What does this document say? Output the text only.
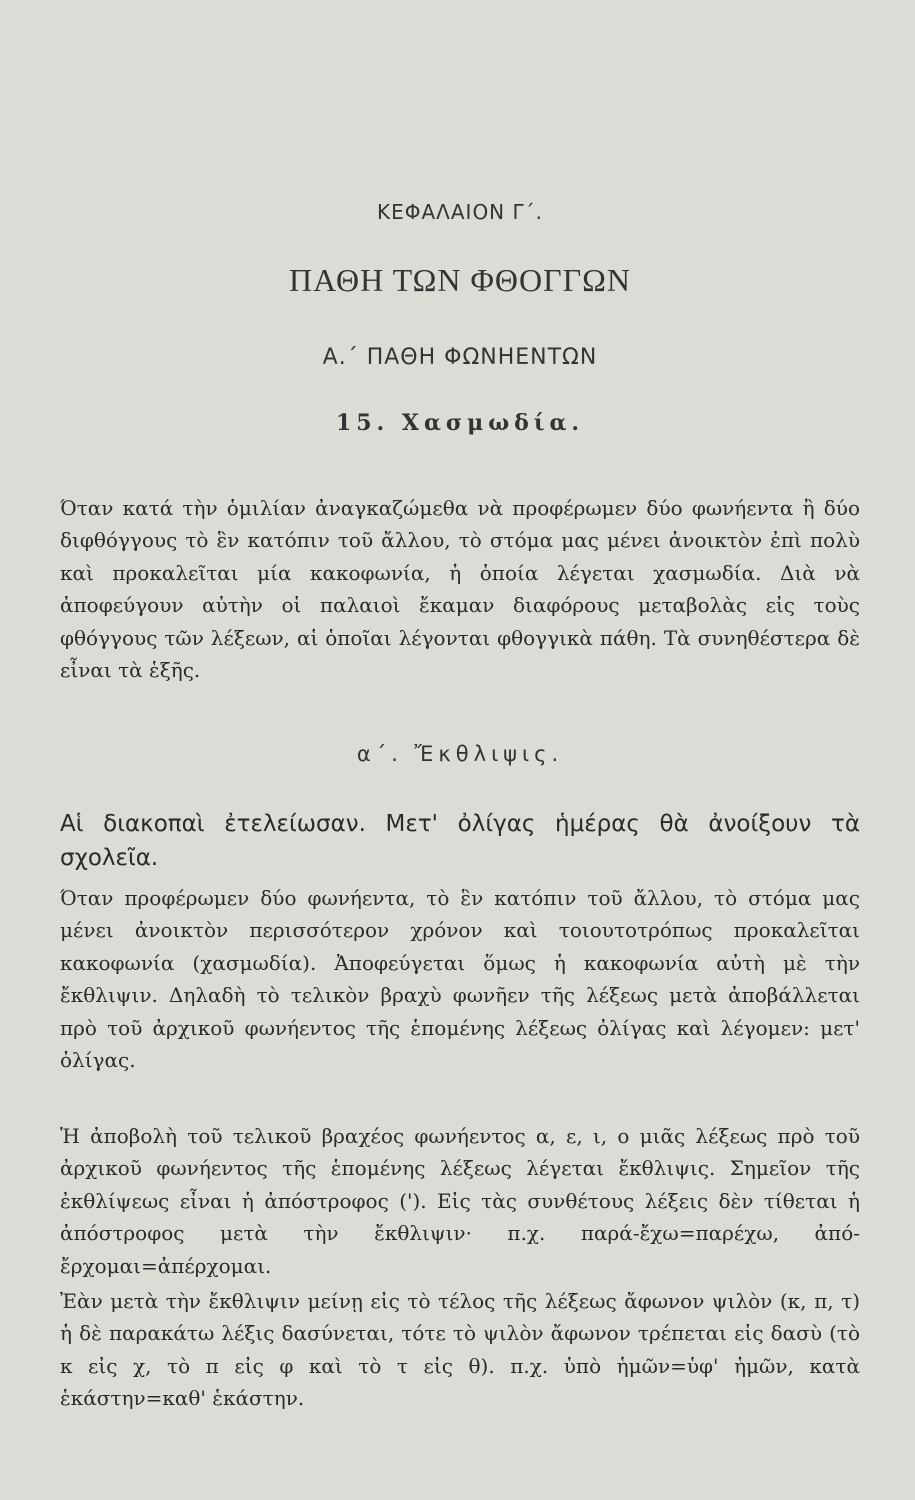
ΚΕΦΑΛΑΙΟΝ Γ΄.
ΠΑΘΗ ΤΩΝ ΦΘΟΓΓΩΝ
Α.΄ ΠΑΘΗ ΦΩΝΗΕΝΤΩΝ
15. Χασμωδία.

Όταν κατά τὴν ὁμιλίαν ἀναγκαζώμεθα νὰ προφέρωμεν δύο φωνήεντα ἢ δύο διφθόγγους τὸ ἓν κατόπιν τοῦ ἄλλου, τὸ στόμα μας μένει ἀνοικτὸν ἐπὶ πολὺ καὶ προκαλεῖται μία κακοφωνία, ἡ ὁποία λέγεται χασμωδία. Διὰ νὰ ἀποφεύγουν αὐτὴν οἱ παλαιοὶ ἔκαμαν διαφόρους μεταβολὰς εἰς τοὺς φθόγγους τῶν λέξεων, αἱ ὁποῖαι λέγονται φθογγικὰ πάθη. Τὰ συνηθέστερα δὲ εἶναι τὰ ἑξῆς.

α΄. Ἔκθλιψις.

Αἱ διακοπαὶ ἐτελείωσαν. Μετ' ὀλίγας ἡμέρας θὰ ἀνοίξουν τὰ σχολεῖα.

Όταν προφέρωμεν δύο φωνήεντα, τὸ ἓν κατόπιν τοῦ ἄλλου, τὸ στόμα μας μένει ἀνοικτὸν περισσότερον χρόνον καὶ τοιουτοτρόπως προκαλεῖται κακοφωνία (χασμωδία). Ἀποφεύγεται ὅμως ἡ κακοφωνία αὐτὴ μὲ τὴν ἔκθλιψιν. Δηλαδὴ τὸ τελικὸν βραχὺ φωνῆεν τῆς λέξεως μετὰ ἀποβάλλεται πρὸ τοῦ ἀρχικοῦ φωνήεντος τῆς ἑπομένης λέξεως ὀλίγας καὶ λέγομεν: μετ' ὀλίγας.

Ἡ ἀποβολὴ τοῦ τελικοῦ βραχέος φωνήεντος α, ε, ι, ο μιᾶς λέξεως πρὸ τοῦ ἀρχικοῦ φωνήεντος τῆς ἑπομένης λέξεως λέγεται ἔκθλιψις. Σημεῖον τῆς ἐκθλίψεως εἶναι ἡ ἀπόστροφος ('). Εἰς τὰς συνθέτους λέξεις δὲν τίθεται ἡ ἀπόστροφος μετὰ τὴν ἔκθλιψιν· π.χ. παρά-ἔχω=παρέχω, ἀπό-ἔρχομαι=ἀπέρχομαι.

Ἐὰν μετὰ τὴν ἔκθλιψιν μείνῃ εἰς τὸ τέλος τῆς λέξεως ἄφωνον ψιλὸν (κ, π, τ) ἡ δὲ παρακάτω λέξις δασύνεται, τότε τὸ ψιλὸν ἄφωνον τρέπεται εἰς δασὺ (τὸ κ εἰς χ, τὸ π εἰς φ καὶ τὸ τ εἰς θ). π.χ. ὑπὸ ἡμῶν=ὑφ' ἡμῶν, κατὰ ἑκάστην=καθ' ἑκάστην.
